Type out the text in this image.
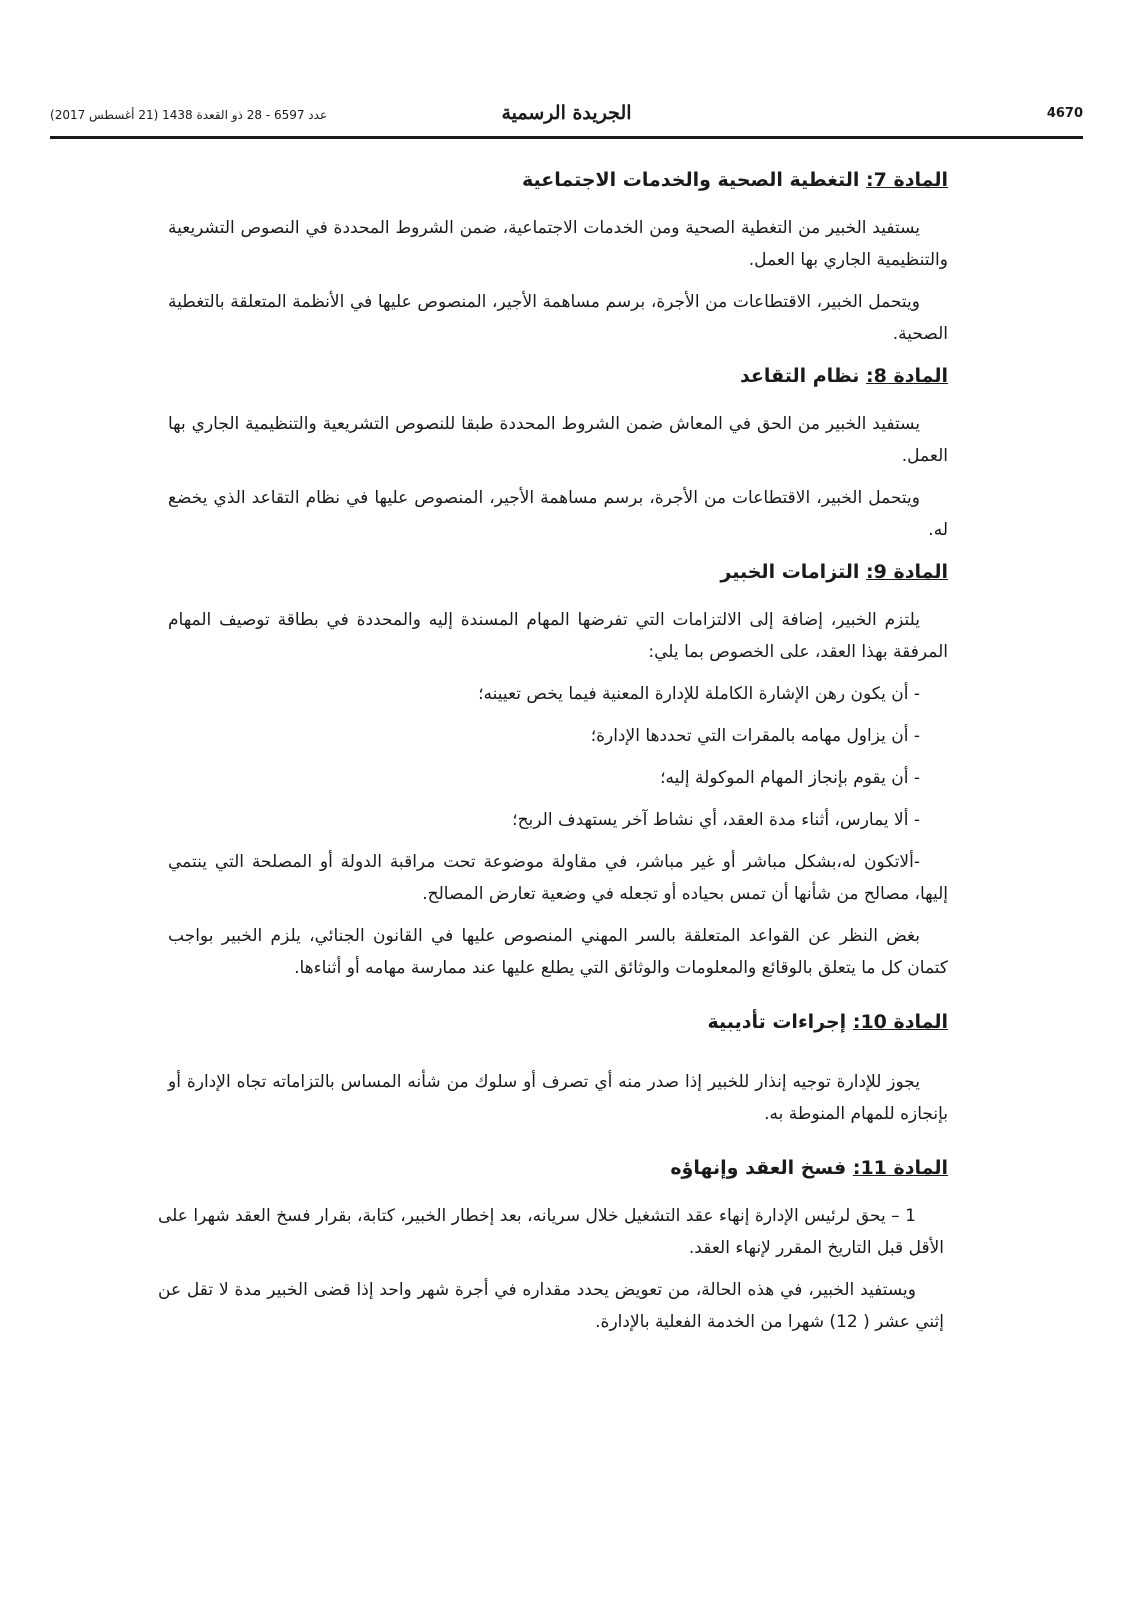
4670
الجريدة الرسمية
عدد 6597 - 28 ذو القعدة 1438 (21 أغسطس 2017)
المادة 7: التغطية الصحية والخدمات الاجتماعية

يستفيد الخبير من التغطية الصحية ومن الخدمات الاجتماعية، ضمن الشروط المحددة في النصوص التشريعية والتنظيمية الجاري بها العمل.

ويتحمل الخبير، الاقتطاعات من الأجرة، برسم مساهمة الأجير، المنصوص عليها في الأنظمة المتعلقة بالتغطية الصحية.

المادة 8: نظام التقاعد

يستفيد الخبير من الحق في المعاش ضمن الشروط المحددة طبقا للنصوص التشريعية والتنظيمية الجاري بها العمل.

ويتحمل الخبير، الاقتطاعات من الأجرة، برسم مساهمة الأجير، المنصوص عليها في نظام التقاعد الذي يخضع له.

المادة 9: التزامات الخبير

يلتزم الخبير، إضافة إلى الالتزامات التي تفرضها المهام المسندة إليه والمحددة في بطاقة توصيف المهام المرفقة بهذا العقد، على الخصوص بما يلي:

- أن يكون رهن الإشارة الكاملة للإدارة المعنية فيما يخص تعيينه؛

- أن يزاول مهامه بالمقرات التي تحددها الإدارة؛

- أن يقوم بإنجاز المهام الموكولة إليه؛

- ألا يمارس، أثناء مدة العقد، أي نشاط آخر يستهدف الربح؛

-ألاتكون له،بشكل مباشر أو غير مباشر، في مقاولة موضوعة تحت مراقبة الدولة أو المصلحة التي ينتمي إليها، مصالح من شأنها أن تمس بحياده أو تجعله في وضعية تعارض المصالح.

بغض النظر عن القواعد المتعلقة بالسر المهني المنصوص عليها في القانون الجنائي، يلزم الخبير بواجب كتمان كل ما يتعلق بالوقائع والمعلومات والوثائق التي يطلع عليها عند ممارسة مهامه أو أثناءها.

المادة 10: إجراءات تأديبية

يجوز للإدارة توجيه إنذار للخبير إذا صدر منه أي تصرف أو سلوك من شأنه المساس بالتزاماته تجاه الإدارة أو بإنجازه للمهام المنوطة به.

المادة 11: فسخ العقد وإنهاؤه

1 – يحق لرئيس الإدارة إنهاء عقد التشغيل خلال سريانه، بعد إخطار الخبير، كتابة، بقرار فسخ العقد شهرا على الأقل قبل التاريخ المقرر لإنهاء العقد.

ويستفيد الخبير، في هذه الحالة، من تعويض يحدد مقداره في أجرة شهر واحد إذا قضى الخبير مدة لا تقل عن إثني عشر ( 12) شهرا من الخدمة الفعلية بالإدارة.
